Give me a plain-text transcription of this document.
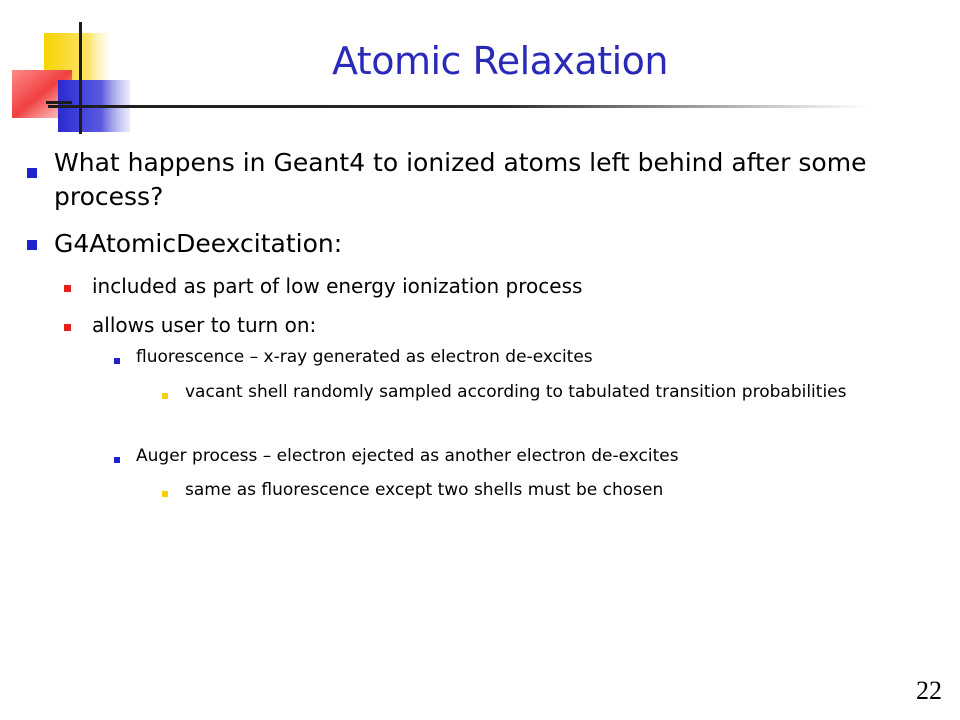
Atomic Relaxation
What happens in Geant4 to ionized atoms left behind after some process?
G4AtomicDeexcitation:
included as part of low energy ionization process
allows user to turn on:
fluorescence – x-ray generated as electron de-excites
vacant shell randomly sampled according to tabulated transition probabilities
Auger process – electron ejected as another electron de-excites
same as fluorescence except two shells must be chosen
22
